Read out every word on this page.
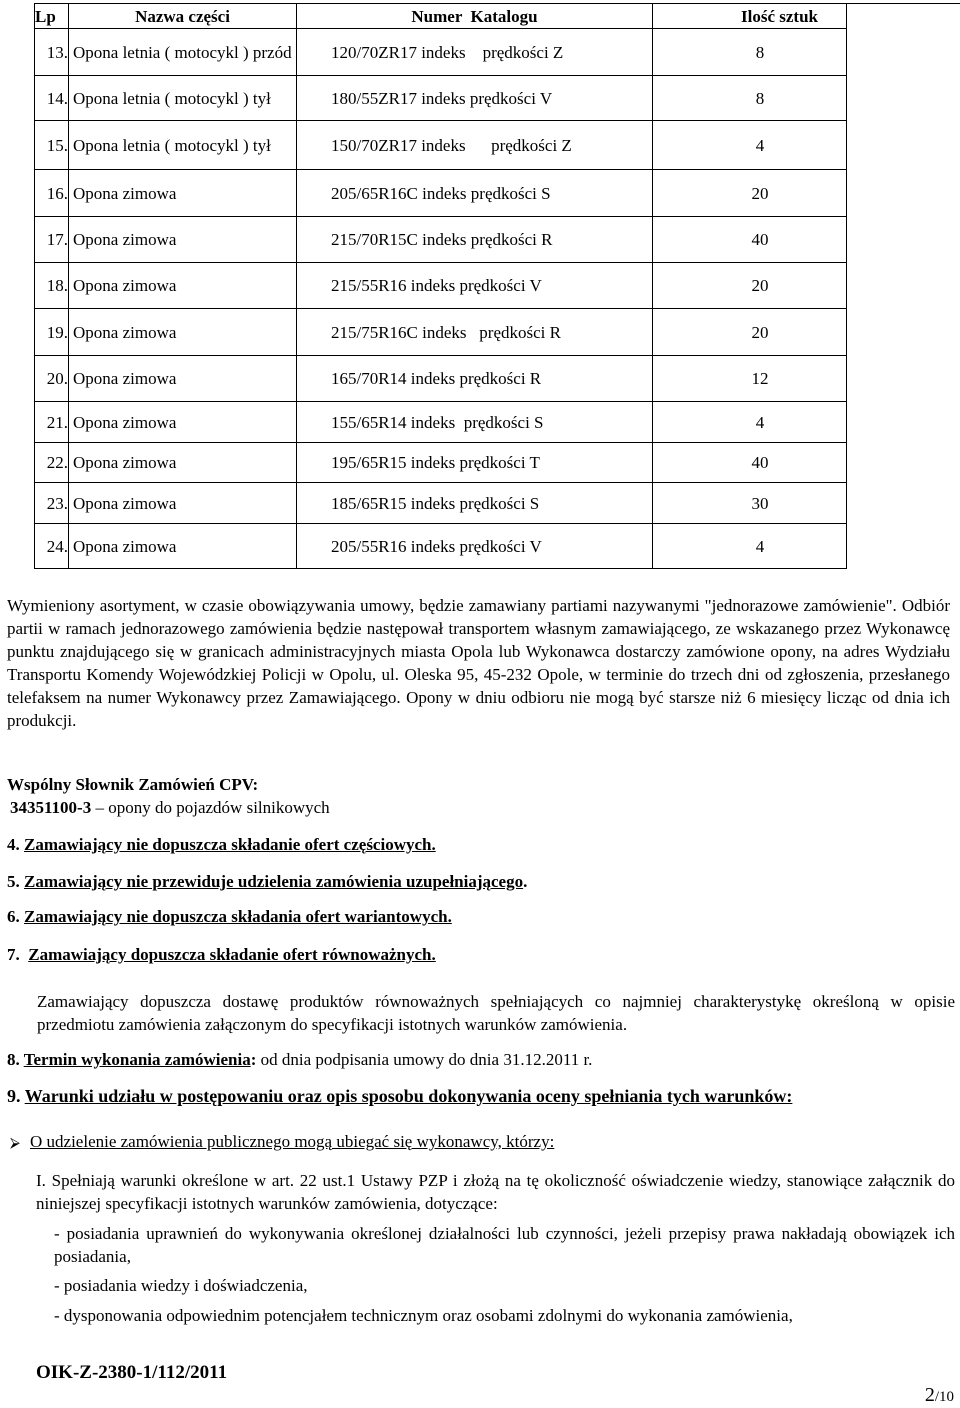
Lp	Nazwa części	Numer  Katalogu	Ilość sztuk
13.	Opona letnia ( motocykl ) przód	120/70ZR17 indeks    prędkości Z	8
14.	Opona letnia ( motocykl ) tył	180/55ZR17 indeks prędkości V	8
15.	Opona letnia ( motocykl ) tył	150/70ZR17 indeks      prędkości Z	4
16.	Opona zimowa	205/65R16C indeks prędkości S	20
17.	Opona zimowa	215/70R15C indeks prędkości R	40
18.	Opona zimowa	215/55R16 indeks prędkości V	20
19.	Opona zimowa	215/75R16C indeks   prędkości R	20
20.	Opona zimowa	165/70R14 indeks prędkości R	12
21.	Opona zimowa	155/65R14 indeks  prędkości S	4
22.	Opona zimowa	195/65R15 indeks prędkości T	40
23.	Opona zimowa	185/65R15 indeks prędkości S	30
24.	Opona zimowa	205/55R16 indeks prędkości V	4

Wymieniony asortyment, w czasie obowiązywania umowy, będzie zamawiany partiami nazywanymi "jednorazowe zamówienie". Odbiór partii w ramach jednorazowego zamówienia będzie następował transportem własnym zamawiającego, ze wskazanego przez Wykonawcę punktu znajdującego się w granicach administracyjnych miasta Opola lub Wykonawca dostarczy zamówione opony, na adres Wydziału Transportu Komendy Wojewódzkiej Policji w Opolu, ul. Oleska 95, 45-232 Opole, w terminie do trzech dni od zgłoszenia, przesłanego telefaksem na numer Wykonawcy przez Zamawiającego. Opony w dniu odbioru nie mogą być starsze niż 6 miesięcy licząc od dnia ich produkcji.

Wspólny Słownik Zamówień CPV:
34351100-3 – opony do pojazdów silnikowych
4. Zamawiający nie dopuszcza składanie ofert częściowych.
5. Zamawiający nie przewiduje udzielenia zamówienia uzupełniającego.
6. Zamawiający nie dopuszcza składania ofert wariantowych.
7.  Zamawiający dopuszcza składanie ofert równoważnych.

Zamawiający dopuszcza dostawę produktów równoważnych spełniających co najmniej charakterystykę określoną w opisie przedmiotu zamówienia załączonym do specyfikacji istotnych warunków zamówienia.

8. Termin wykonania zamówienia: od dnia podpisania umowy do dnia 31.12.2011 r.
9. Warunki udziału w postępowaniu oraz opis sposobu dokonywania oceny spełniania tych warunków:
⮚ O udzielenie zamówienia publicznego mogą ubiegać się wykonawcy, którzy:

I. Spełniają warunki określone w art. 22 ust.1 Ustawy PZP i złożą na tę okoliczność oświadczenie wiedzy, stanowiące załącznik do niniejszej specyfikacji istotnych warunków zamówienia, dotyczące:

- posiadania uprawnień do wykonywania określonej działalności lub czynności, jeżeli przepisy prawa nakładają obowiązek ich posiadania,

- posiadania wiedzy i doświadczenia,

- dysponowania odpowiednim potencjałem technicznym oraz osobami zdolnymi do wykonania zamówienia,

OIK-Z-2380-1/112/2011
2/10
